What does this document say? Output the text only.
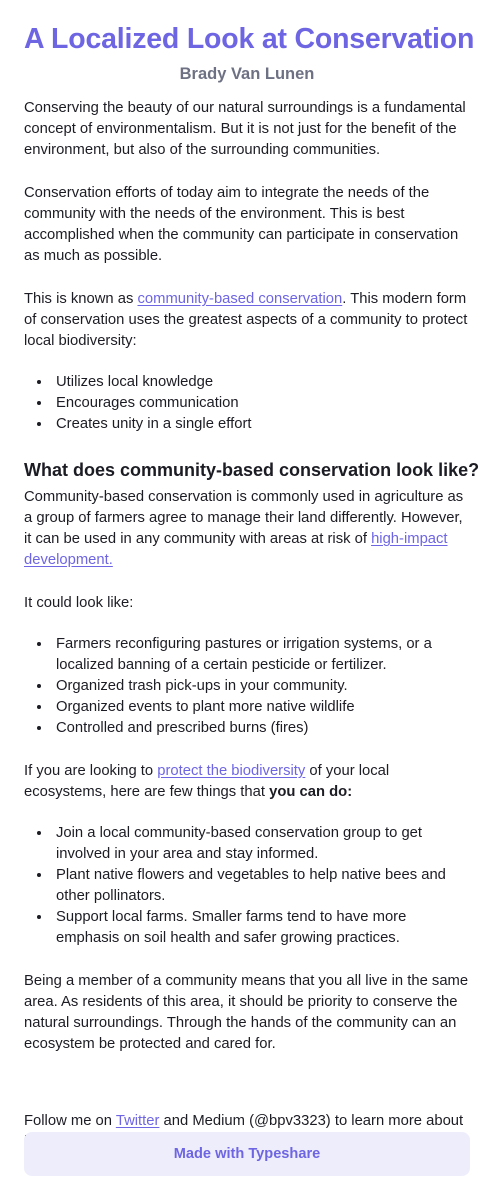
A Localized Look at Conservation
Brady Van Lunen

Conserving the beauty of our natural surroundings is a fundamental concept of environmentalism. But it is not just for the benefit of the environment, but also of the surrounding communities.

Conservation efforts of today aim to integrate the needs of the community with the needs of the environment. This is best accomplished when the community can participate in conservation as much as possible.

This is known as community-based conservation. This modern form of conservation uses the greatest aspects of a community to protect local biodiversity:

• Utilizes local knowledge
• Encourages communication
• Creates unity in a single effort
What does community-based conservation look like?

Community-based conservation is commonly used in agriculture as a group of farmers agree to manage their land differently. However, it can be used in any community with areas at risk of high-impact development.

It could look like:

• Farmers reconfiguring pastures or irrigation systems, or a localized banning of a certain pesticide or fertilizer.
• Organized trash pick-ups in your community.
• Organized events to plant more native wildlife
• Controlled and prescribed burns (fires)

If you are looking to protect the biodiversity of your local ecosystems, here are few things that you can do:

• Join a local community-based conservation group to get involved in your area and stay informed.
• Plant native flowers and vegetables to help native bees and other pollinators.
• Support local farms. Smaller farms tend to have more emphasis on soil health and safer growing practices.

Being a member of a community means that you all live in the same area. As residents of this area, it should be priority to conserve the natural surroundings. Through the hands of the community can an ecosystem be protected and cared for.

Follow me on Twitter and Medium (@bpv3323) to learn more about

Made with Typeshare
